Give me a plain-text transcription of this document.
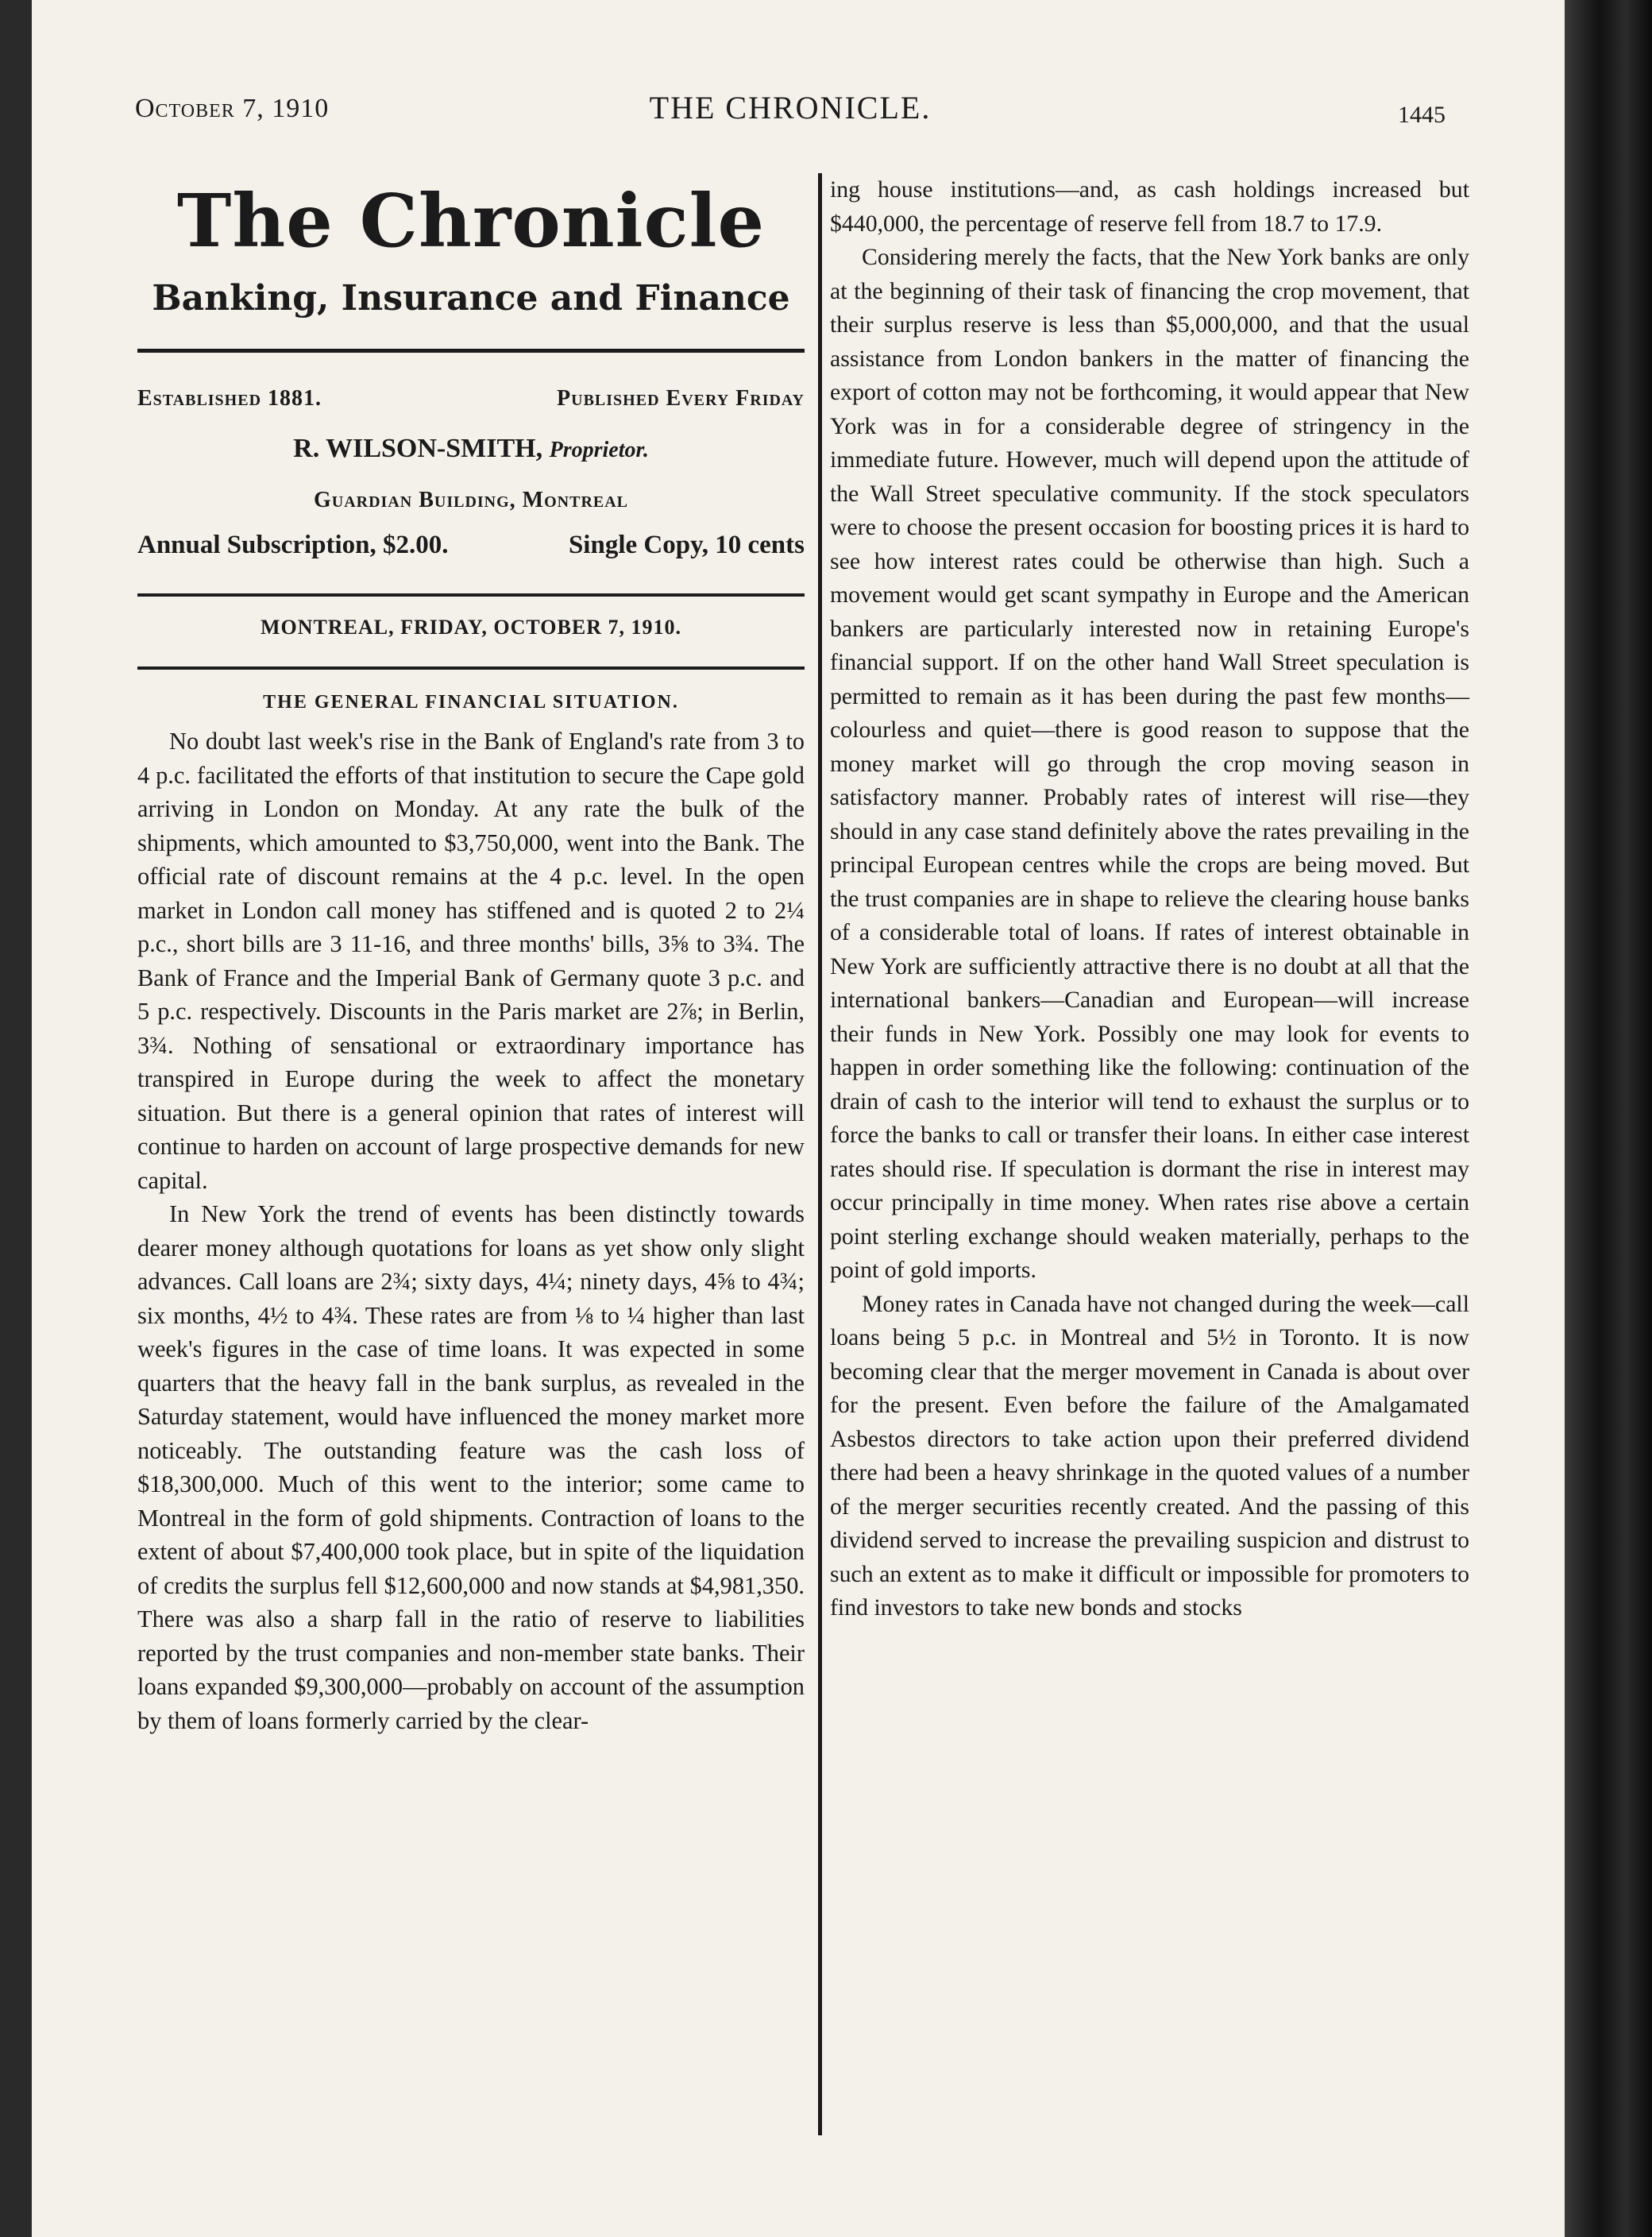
October 7, 1910	THE CHRONICLE.	1445
The Chronicle
Banking, Insurance and Finance
Established 1881.	Published Every Friday
R. WILSON-SMITH, Proprietor.
Guardian Building, Montreal
Annual Subscription, $2.00.	Single Copy, 10 cents
MONTREAL, FRIDAY, OCTOBER 7, 1910.
THE GENERAL FINANCIAL SITUATION.

No doubt last week's rise in the Bank of England's rate from 3 to 4 p.c. facilitated the efforts of that institution to secure the Cape gold arriving in London on Monday. At any rate the bulk of the shipments, which amounted to $3,750,000, went into the Bank. The official rate of discount remains at the 4 p.c. level. In the open market in London call money has stiffened and is quoted 2 to 2¼ p.c., short bills are 3 11-16, and three months' bills, 3⅝ to 3¾. The Bank of France and the Imperial Bank of Germany quote 3 p.c. and 5 p.c. respectively. Discounts in the Paris market are 2⅞; in Berlin, 3¾. Nothing of sensational or extraordinary importance has transpired in Europe during the week to affect the monetary situation. But there is a general opinion that rates of interest will continue to harden on account of large prospective demands for new capital.

In New York the trend of events has been distinctly towards dearer money although quotations for loans as yet show only slight advances. Call loans are 2¾; sixty days, 4¼; ninety days, 4⅝ to 4¾; six months, 4½ to 4¾. These rates are from ⅛ to ¼ higher than last week's figures in the case of time loans. It was expected in some quarters that the heavy fall in the bank surplus, as revealed in the Saturday statement, would have influenced the money market more noticeably. The outstanding feature was the cash loss of $18,300,000. Much of this went to the interior; some came to Montreal in the form of gold shipments. Contraction of loans to the extent of about $7,400,000 took place, but in spite of the liquidation of credits the surplus fell $12,600,000 and now stands at $4,981,350. There was also a sharp fall in the ratio of reserve to liabilities reported by the trust companies and non-member state banks. Their loans expanded $9,300,000—probably on account of the assumption by them of loans formerly carried by the clear-

ing house institutions—and, as cash holdings increased but $440,000, the percentage of reserve fell from 18.7 to 17.9.

Considering merely the facts, that the New York banks are only at the beginning of their task of financing the crop movement, that their surplus reserve is less than $5,000,000, and that the usual assistance from London bankers in the matter of financing the export of cotton may not be forthcoming, it would appear that New York was in for a considerable degree of stringency in the immediate future. However, much will depend upon the attitude of the Wall Street speculative community. If the stock speculators were to choose the present occasion for boosting prices it is hard to see how interest rates could be otherwise than high. Such a movement would get scant sympathy in Europe and the American bankers are particularly interested now in retaining Europe's financial support. If on the other hand Wall Street speculation is permitted to remain as it has been during the past few months—colourless and quiet—there is good reason to suppose that the money market will go through the crop moving season in satisfactory manner. Probably rates of interest will rise—they should in any case stand definitely above the rates prevailing in the principal European centres while the crops are being moved. But the trust companies are in shape to relieve the clearing house banks of a considerable total of loans. If rates of interest obtainable in New York are sufficiently attractive there is no doubt at all that the international bankers—Canadian and European—will increase their funds in New York. Possibly one may look for events to happen in order something like the following: continuation of the drain of cash to the interior will tend to exhaust the surplus or to force the banks to call or transfer their loans. In either case interest rates should rise. If speculation is dormant the rise in interest may occur principally in time money. When rates rise above a certain point sterling exchange should weaken materially, perhaps to the point of gold imports.

Money rates in Canada have not changed during the week—call loans being 5 p.c. in Montreal and 5½ in Toronto. It is now becoming clear that the merger movement in Canada is about over for the present. Even before the failure of the Amalgamated Asbestos directors to take action upon their preferred dividend there had been a heavy shrinkage in the quoted values of a number of the merger securities recently created. And the passing of this dividend served to increase the prevailing suspicion and distrust to such an extent as to make it difficult or impossible for promoters to find investors to take new bonds and stocks
